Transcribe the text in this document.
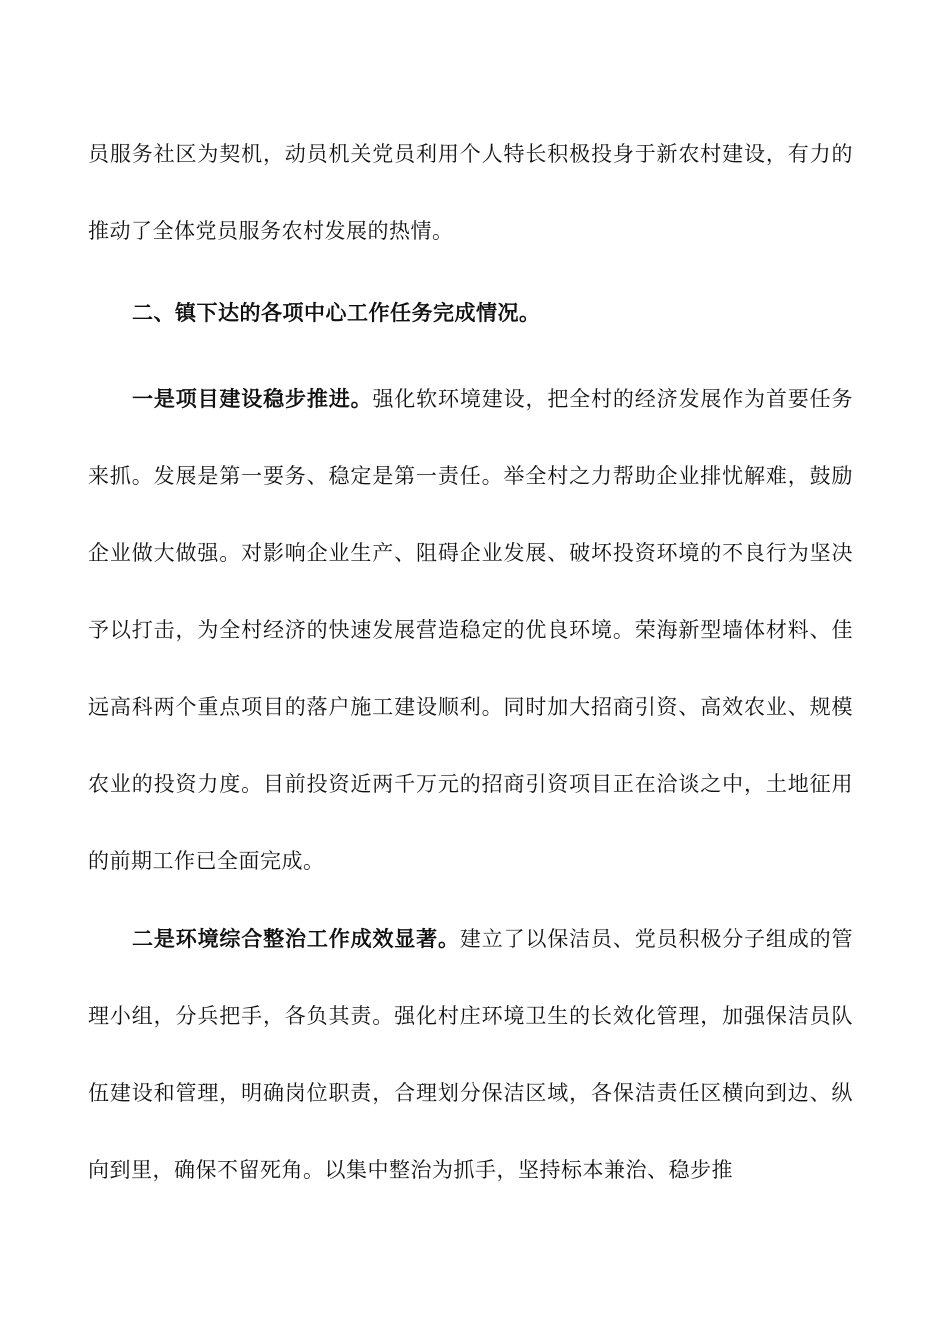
员服务社区为契机，动员机关党员利用个人特长积极投身于新农村建设，有力的推动了全体党员服务农村发展的热情。

二、镇下达的各项中心工作任务完成情况。

一是项目建设稳步推进。强化软环境建设，把全村的经济发展作为首要任务来抓。发展是第一要务、稳定是第一责任。举全村之力帮助企业排忧解难，鼓励企业做大做强。对影响企业生产、阻碍企业发展、破坏投资环境的不良行为坚决予以打击，为全村经济的快速发展营造稳定的优良环境。荣海新型墙体材料、佳远高科两个重点项目的落户施工建设顺利。同时加大招商引资、高效农业、规模农业的投资力度。目前投资近两千万元的招商引资项目正在洽谈之中，土地征用的前期工作已全面完成。

二是环境综合整治工作成效显著。建立了以保洁员、党员积极分子组成的管理小组，分兵把手，各负其责。强化村庄环境卫生的长效化管理，加强保洁员队伍建设和管理，明确岗位职责，合理划分保洁区域，各保洁责任区横向到边、纵向到里，确保不留死角。以集中整治为抓手，坚持标本兼治、稳步推
